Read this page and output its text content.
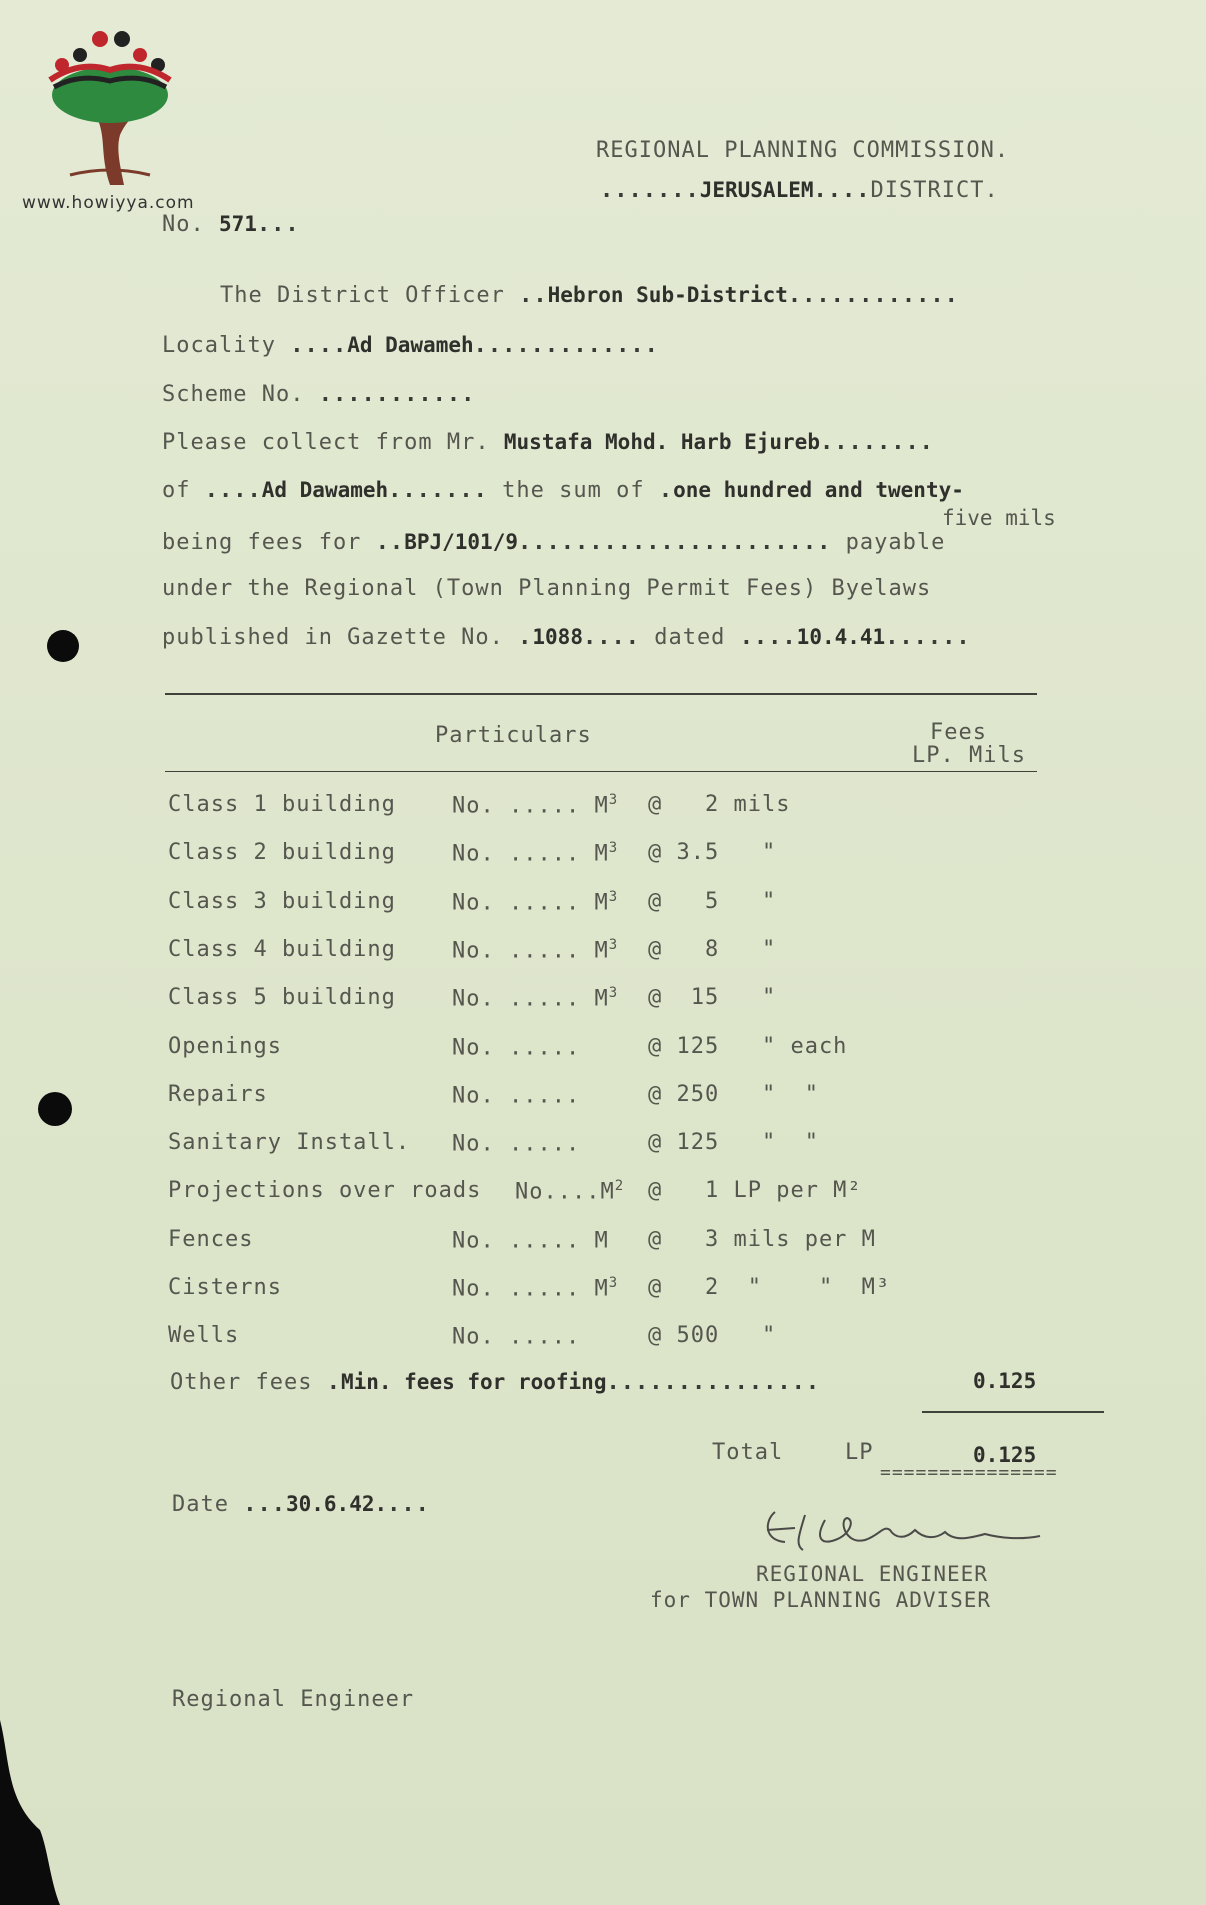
www.howiyya.com
REGIONAL PLANNING COMMISSION.
.......JERUSALEM....DISTRICT.
No. 571...
The District Officer ..Hebron Sub-District............
Locality ....Ad Dawameh.............
Scheme No. ...........
Please collect from Mr. Mustafa Mohd. Harb Ejureb........
of ....Ad Dawameh....... the sum of .one hundred and twenty-
five mils
being fees for ..BPJ/101/9...................... payable
under the Regional (Town Planning Permit Fees) Byelaws
published in Gazette No. .1088.... dated ....10.4.41......
Particulars	Fees
LP. Mils
Class 1 building	No. ..... $M^3$ @   2 mils
Class 2 building	No. ..... $M^3$ @ 3.5   "
Class 3 building	No. ..... $M^3$ @   5   "
Class 4 building	No. ..... $M^3$ @   8   "
Class 5 building	No. ..... $M^3$ @  15   "
Openings	No. .....	@ 125   " each
Repairs	No. .....	@ 250   "  "
Sanitary Install. No. .....	@ 125   "  "
Projections over roads $No....M^2$ @   1 LP per M²
Fences	No. ..... M @   3 mils per M
Cisterns	No. ..... $M^3$ @   2  "    "  M³
Wells	No. .....	@ 500   "
Other fees .Min. fees for roofing...............	0.125
Total	LP	0.125
===============
Date ...30.6.42....
REGIONAL ENGINEER
for TOWN PLANNING ADVISER
Regional Engineer
